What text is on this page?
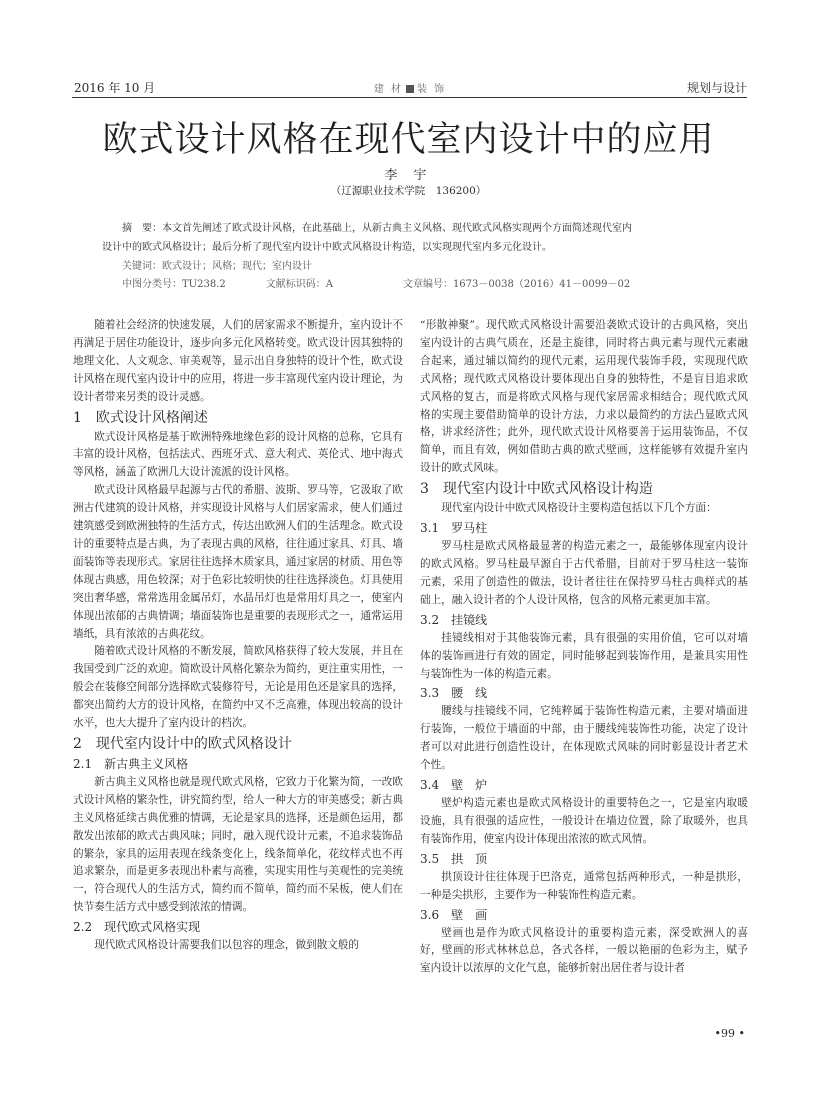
2016 年 10 月	建 材 装 饰	规划与设计
欧式设计风格在现代室内设计中的应用
李 宇
（辽源职业技术学院　136200）
摘　要：本文首先阐述了欧式设计风格，在此基础上，从新古典主义风格、现代欧式风格实现两个方面简述现代室内
设计中的欧式风格设计；最后分析了现代室内设计中欧式风格设计构造，以实现现代室内多元化设计。
关键词：欧式设计；风格；现代；室内设计
中图分类号：TU238.2　　　　文献标识码：A　　　　　　　文章编号：1673－0038（2016）41－0099－02

随着社会经济的快速发展，人们的居家需求不断提升，室内设计不再满足于居住功能设计，逐步向多元化风格转变。欧式设计因其独特的地理文化、人文观念、审美观等，显示出自身独特的设计个性，欧式设计风格在现代室内设计中的应用，将进一步丰富现代室内设计理论，为设计者带来另类的设计灵感。

1　欧式设计风格阐述

欧式设计风格是基于欧洲特殊地缘色彩的设计风格的总称，它具有丰富的设计风格，包括法式、西班牙式、意大利式、英伦式、地中海式等风格，涵盖了欧洲几大设计流派的设计风格。

欧式设计风格最早起源与古代的希腊、波斯、罗马等，它汲取了欧洲古代建筑的设计风格，并实现设计风格与人们居家需求，使人们通过建筑感受到欧洲独特的生活方式，传达出欧洲人们的生活理念。欧式设计的重要特点是古典，为了表现古典的风格，往往通过家具、灯具、墙面装饰等表现形式。家居往往选择木质家具，通过家居的材质、用色等体现古典感，用色较深；对于色彩比较明快的往往选择淡色。灯具使用突出奢华感，常常选用金属吊灯，水晶吊灯也是常用灯具之一，使室内体现出浓郁的古典情调；墙面装饰也是重要的表现形式之一，通常运用墙纸，具有浓浓的古典花纹。

随着欧式设计风格的不断发展，简欧风格获得了较大发展，并且在我国受到广泛的欢迎。简欧设计风格化繁杂为简约，更注重实用性，一般会在装修空间部分选择欧式装修符号，无论是用色还是家具的选择，都突出简约大方的设计风格，在简约中又不乏高雅，体现出较高的设计水平，也大大提升了室内设计的档次。

2　现代室内设计中的欧式风格设计
2.1　新古典主义风格

新古典主义风格也就是现代欧式风格，它致力于化繁为简，一改欧式设计风格的繁杂性，讲究简约型，给人一种大方的审美感受；新古典主义风格延续古典优雅的情调，无论是家具的选择，还是颜色运用，都散发出浓郁的欧式古典风味；同时，融入现代设计元素，不追求装饰品的繁杂，家具的运用表现在线条变化上，线条简单化，花纹样式也不再追求繁杂，而是更多表现出朴素与高雅，实现实用性与美观性的完美统一，符合现代人的生活方式，简约而不简单，简约而不呆板，使人们在快节奏生活方式中感受到浓浓的情调。

2.2　现代欧式风格实现

现代欧式风格设计需要我们以包容的理念，做到散文般的

“形散神聚”。现代欧式风格设计需要沿袭欧式设计的古典风格，突出室内设计的古典气质在，还是主旋律，同时将古典元素与现代元素融合起来，通过辅以简约的现代元素，运用现代装饰手段，实现现代欧式风格；现代欧式风格设计要体现出自身的独特性，不是盲目追求欧式风格的复古，而是将欧式风格与现代家居需求相结合；现代欧式风格的实现主要借助简单的设计方法，力求以最简约的方法凸显欧式风格，讲求经济性；此外，现代欧式设计风格要善于运用装饰品，不仅简单，而且有效，例如借助古典的欧式壁画，这样能够有效提升室内设计的欧式风味。

3　现代室内设计中欧式风格设计构造

现代室内设计中欧式风格设计主要构造包括以下几个方面：

3.1　罗马柱

罗马柱是欧式风格最显著的构造元素之一，最能够体现室内设计的欧式风格。罗马柱最早源自于古代希腊，目前对于罗马柱这一装饰元素，采用了创造性的做法，设计者往往在保持罗马柱古典样式的基础上，融入设计者的个人设计风格，包含的风格元素更加丰富。

3.2　挂镜线

挂镜线相对于其他装饰元素，具有很强的实用价值，它可以对墙体的装饰画进行有效的固定，同时能够起到装饰作用，是兼具实用性与装饰性为一体的构造元素。

3.3　腰　线

腰线与挂镜线不同，它纯粹属于装饰性构造元素，主要对墙面进行装饰，一般位于墙面的中部，由于腰线纯装饰性功能，决定了设计者可以对此进行创造性设计，在体现欧式风味的同时彰显设计者艺术个性。

3.4　壁　炉

壁炉构造元素也是欧式风格设计的重要特色之一，它是室内取暖设施，具有很强的适应性，一般设计在墙边位置，除了取暖外，也具有装饰作用，使室内设计体现出浓浓的欧式风情。

3.5　拱　顶

拱顶设计往往体现于巴洛克，通常包括两种形式，一种是拱形，一种是尖拱形，主要作为一种装饰性构造元素。

3.6　壁　画

壁画也是作为欧式风格设计的重要构造元素，深受欧洲人的喜好，壁画的形式林林总总，各式各样，一般以艳丽的色彩为主，赋予室内设计以浓厚的文化气息，能够折射出居住者与设计者

•99 •
